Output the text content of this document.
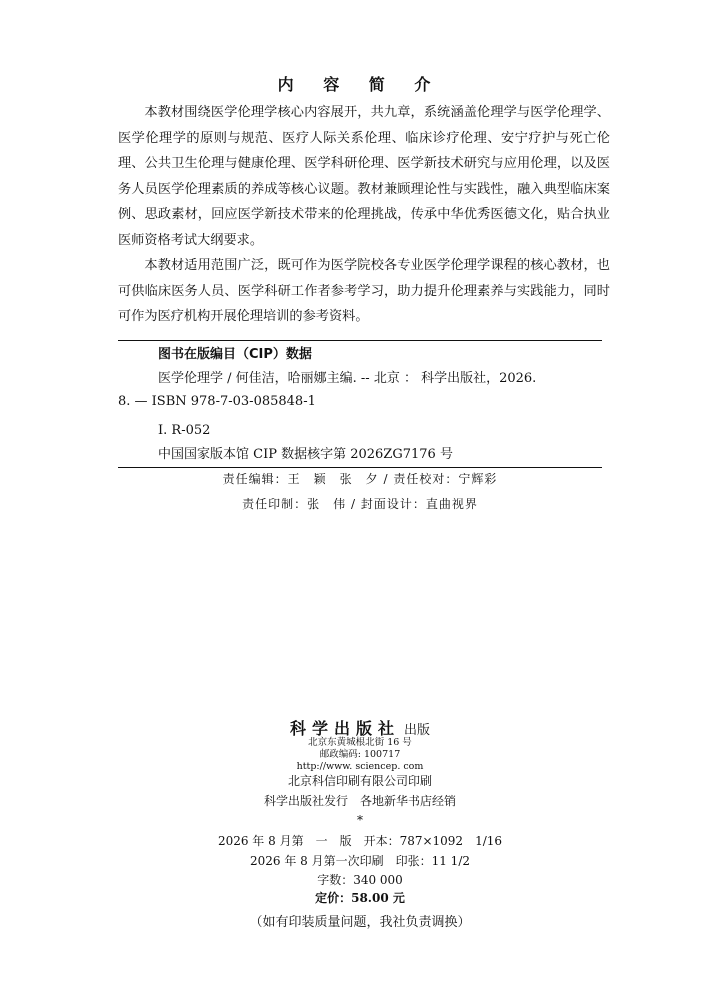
内 容 简 介

本教材围绕医学伦理学核心内容展开，共九章，系统涵盖伦理学与医学伦理学、医学伦理学的原则与规范、医疗人际关系伦理、临床诊疗伦理、安宁疗护与死亡伦理、公共卫生伦理与健康伦理、医学科研伦理、医学新技术研究与应用伦理，以及医务人员医学伦理素质的养成等核心议题。教材兼顾理论性与实践性，融入典型临床案例、思政素材，回应医学新技术带来的伦理挑战，传承中华优秀医德文化，贴合执业医师资格考试大纲要求。

本教材适用范围广泛，既可作为医学院校各专业医学伦理学课程的核心教材，也可供临床医务人员、医学科研工作者参考学习，助力提升伦理素养与实践能力，同时可作为医疗机构开展伦理培训的参考资料。

图书在版编目（CIP）数据
医学伦理学 / 何佳洁，哈丽娜主编. -- 北京 ： 科学出版社，2026.
8. — ISBN 978-7-03-085848-1
Ⅰ. R-052
中国国家版本馆 CIP 数据核字第 2026ZG7176 号
责任编辑：王　颖　张　夕 / 责任校对：宁辉彩
责任印制：张　伟 / 封面设计：直曲视界
科学出版社 出版
北京东黄城根北街 16 号
邮政编码: 100717
http://www. sciencep. com
北京科信印刷有限公司印刷
科学出版社发行　各地新华书店经销
*
2026 年 8 月第　一　版　开本：787×1092　1/16
2026 年 8 月第一次印刷　印张：11 1/2
字数：340 000
定价：58.00 元
（如有印装质量问题，我社负责调换）
